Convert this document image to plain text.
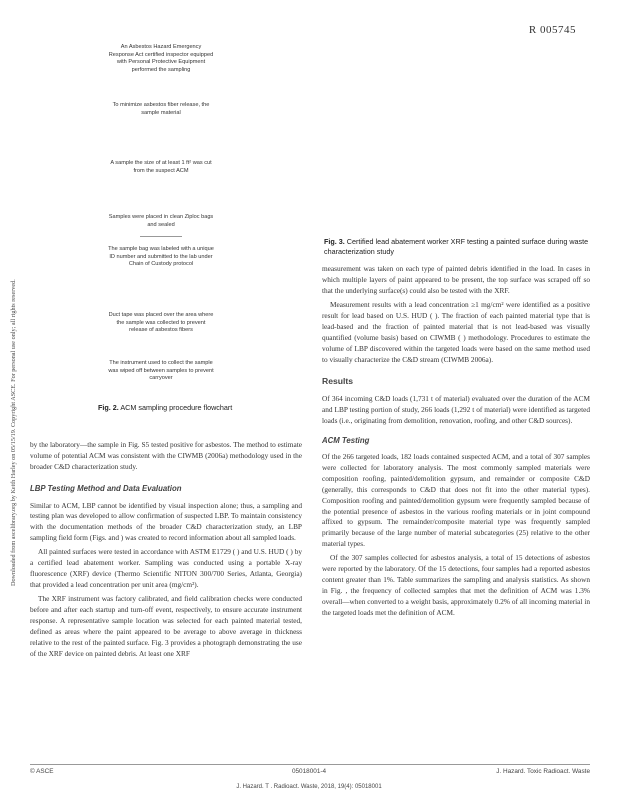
R 005745
Downloaded from ascelibrary.org by Keith Harley on 05/15/19. Copyright ASCE. For personal use only; all rights reserved.
An Asbestos Hazard Emergency Response Act certified inspector equipped with Personal Protective Equipment performed the sampling
To minimize asbestos fiber release, the sample material
A sample the size of at least 1 ft² was cut from the suspect ACM
Samples were placed in clean Ziploc bags and sealed
The sample bag was labeled with a unique ID number and submitted to the lab under Chain of Custody protocol
Duct tape was placed over the area where the sample was collected to prevent release of asbestos fibers
The instrument used to collect the sample was wiped off between samples to prevent carryover
Fig. 2. ACM sampling procedure flowchart
Fig. 3. Certified lead abatement worker XRF testing a painted surface during waste characterization study

by the laboratory—the sample in Fig. S5 tested positive for asbestos. The method to estimate volume of potential ACM was consistent with the CIWMB (2006a) methodology used in the broader C&D characterization study.

LBP Testing Method and Data Evaluation

Similar to ACM, LBP cannot be identified by visual inspection alone; thus, a sampling and testing plan was developed to allow confirmation of suspected LBP. To maintain consistency with the documentation methods of the broader C&D characterization study, an LBP sampling field form (Figs. and ) was created to record information about all sampled loads.

All painted surfaces were tested in accordance with ASTM E1729 ( ) and U.S. HUD ( ) by a certified lead abatement worker. Sampling was conducted using a portable X-ray fluorescence (XRF) device (Thermo Scientific NITON 300/700 Series, Atlanta, Georgia) that provided a lead concentration per unit area (mg/cm²).

The XRF instrument was factory calibrated, and field calibration checks were conducted before and after each startup and turn-off event, respectively, to ensure accurate instrument response. A representative sample location was selected for each painted material tested, defined as areas where the paint appeared to be average to above average in thickness relative to the rest of the painted surface. Fig. 3 provides a photograph demonstrating the use of the XRF device on painted debris. At least one XRF

measurement was taken on each type of painted debris identified in the load. In cases in which multiple layers of paint appeared to be present, the top surface was scraped off so that the underlying surface(s) could also be tested with the XRF.

Measurement results with a lead concentration ≥1 mg/cm² were identified as a positive result for lead based on U.S. HUD ( ). The fraction of each painted material type that is lead-based and the fraction of painted material that is not lead-based was visually quantified (volume basis) based on CIWMB ( ) methodology. Procedures to estimate the volume of LBP discovered within the targeted loads were based on the same method used to visually characterize the C&D stream (CIWMB 2006a).

Results

Of 364 incoming C&D loads (1,731 t of material) evaluated over the duration of the ACM and LBP testing portion of study, 266 loads (1,292 t of material) were identified as targeted loads (i.e., originating from demolition, renovation, roofing, and other C&D sources).

ACM Testing

Of the 266 targeted loads, 182 loads contained suspected ACM, and a total of 307 samples were collected for laboratory analysis. The most commonly sampled materials were composition roofing, painted/demolition gypsum, and remainder or composite C&D (generally, this corresponds to C&D that does not fit into the other material types). Composition roofing and painted/demolition gypsum were frequently sampled because of the potential presence of asbestos in the various roofing materials or in joint compound affixed to gypsum. The remainder/composite material type was frequently sampled primarily because of the large number of material subcategories (25) relative to the other material types.

Of the 307 samples collected for asbestos analysis, a total of 15 detections of asbestos were reported by the laboratory. Of the 15 detections, four samples had a reported asbestos content greater than 1%. Table summarizes the sampling and analysis statistics. As shown in Fig. , the frequency of collected samples that met the definition of ACM was 1.3% overall—when converted to a weight basis, approximately 0.2% of all incoming material in the targeted loads met the definition of ACM.

© ASCE	05018001-4	J. Hazard. Toxic Radioact. Waste
J. Hazard. T . Radioact. Waste, 2018, 19(4): 05018001
